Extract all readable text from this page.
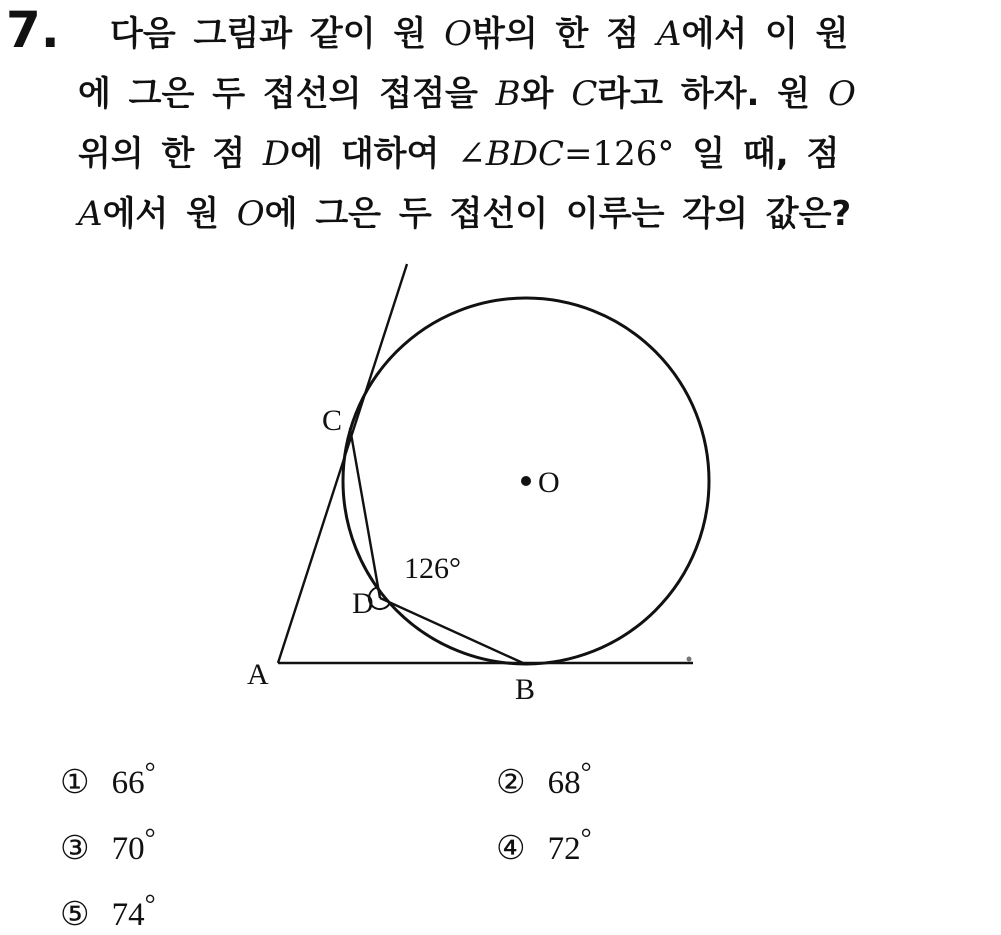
7. 다음 그림과 같이 원 O밖의 한 점 A에서 이 원
에 그은 두 접선의 접점을 B와 C라고 하자. 원 O
위의 한 점 D에 대하여 ∠BDC=126° 일 때, 점
A에서 원 O에 그은 두 접선이 이루는 각의 값은?
C
O
126°
D
A	B
① 66°	② 68°
③ 70°	④ 72°
⑤ 74°
